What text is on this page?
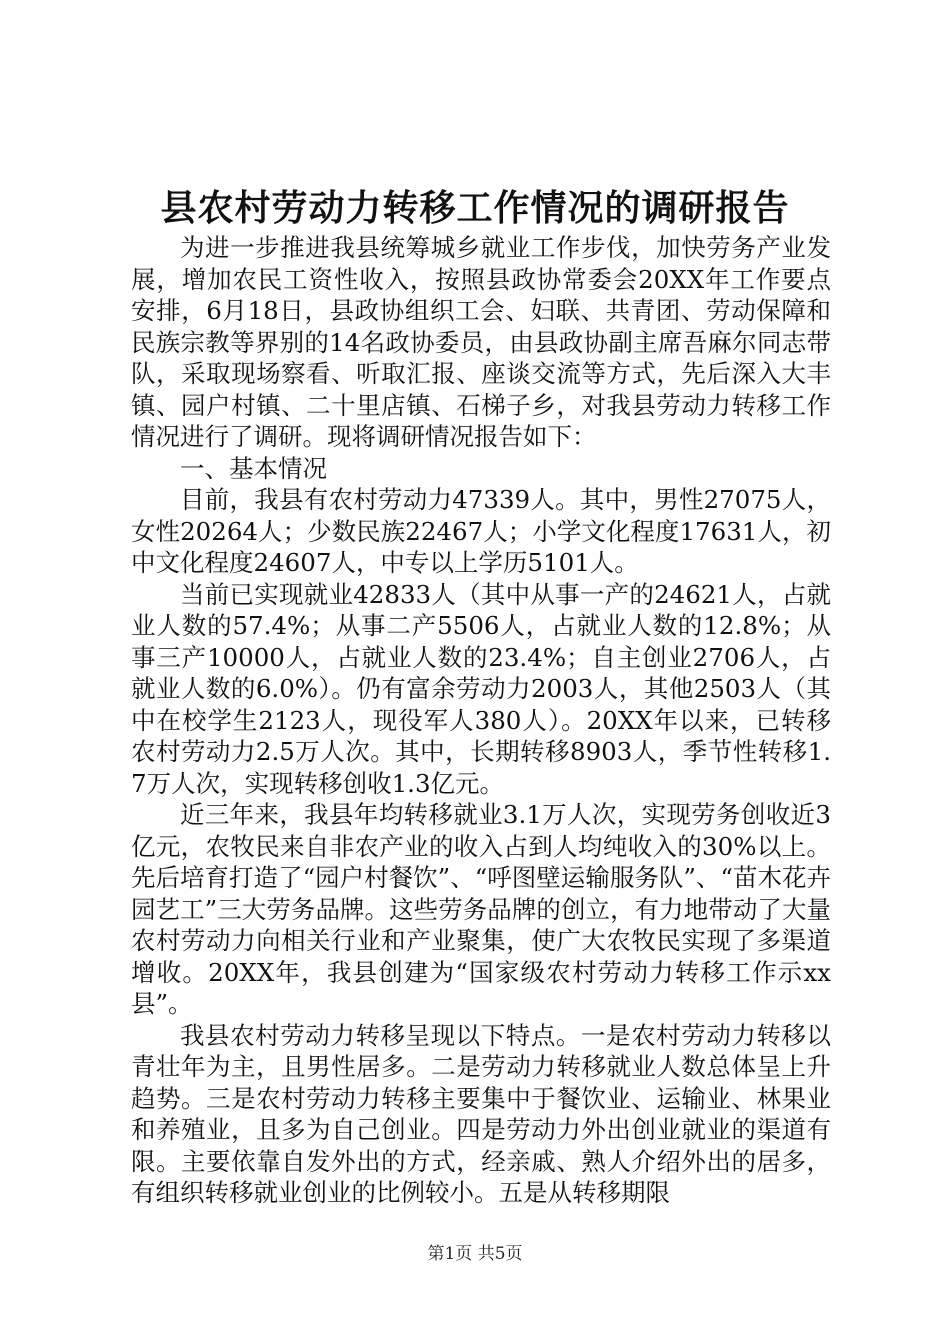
县农村劳动力转移工作情况的调研报告

为进一步推进我县统筹城乡就业工作步伐，加快劳务产业发展，增加农民工资性收入，按照县政协常委会20XX年工作要点安排，6月18日，县政协组织工会、妇联、共青团、劳动保障和民族宗教等界别的14名政协委员，由县政协副主席吾麻尔同志带队，采取现场察看、听取汇报、座谈交流等方式，先后深入大丰镇、园户村镇、二十里店镇、石梯子乡，对我县劳动力转移工作情况进行了调研。现将调研情况报告如下：

一、基本情况

目前，我县有农村劳动力47339人。其中，男性27075人，女性20264人；少数民族22467人；小学文化程度17631人，初中文化程度24607人，中专以上学历5101人。

当前已实现就业42833人（其中从事一产的24621人，占就业人数的57.4%；从事二产5506人，占就业人数的12.8%；从事三产10000人，占就业人数的23.4%；自主创业2706人，占就业人数的6.0%）。仍有富余劳动力2003人，其他2503人（其中在校学生2123人，现役军人380人）。20XX年以来，已转移农村劳动力2.5万人次。其中，长期转移8903人，季节性转移1.7万人次，实现转移创收1.3亿元。

近三年来，我县年均转移就业3.1万人次，实现劳务创收近3亿元，农牧民来自非农产业的收入占到人均纯收入的30%以上。先后培育打造了“园户村餐饮”、“呼图壁运输服务队”、“苗木花卉园艺工”三大劳务品牌。这些劳务品牌的创立，有力地带动了大量农村劳动力向相关行业和产业聚集，使广大农牧民实现了多渠道增收。20XX年，我县创建为“国家级农村劳动力转移工作示xx县”。

我县农村劳动力转移呈现以下特点。一是农村劳动力转移以青壮年为主，且男性居多。二是劳动力转移就业人数总体呈上升趋势。三是农村劳动力转移主要集中于餐饮业、运输业、林果业和养殖业，且多为自己创业。四是劳动力外出创业就业的渠道有限。主要依靠自发外出的方式，经亲戚、熟人介绍外出的居多，有组织转移就业创业的比例较小。五是从转移期限

第1页 共5页
